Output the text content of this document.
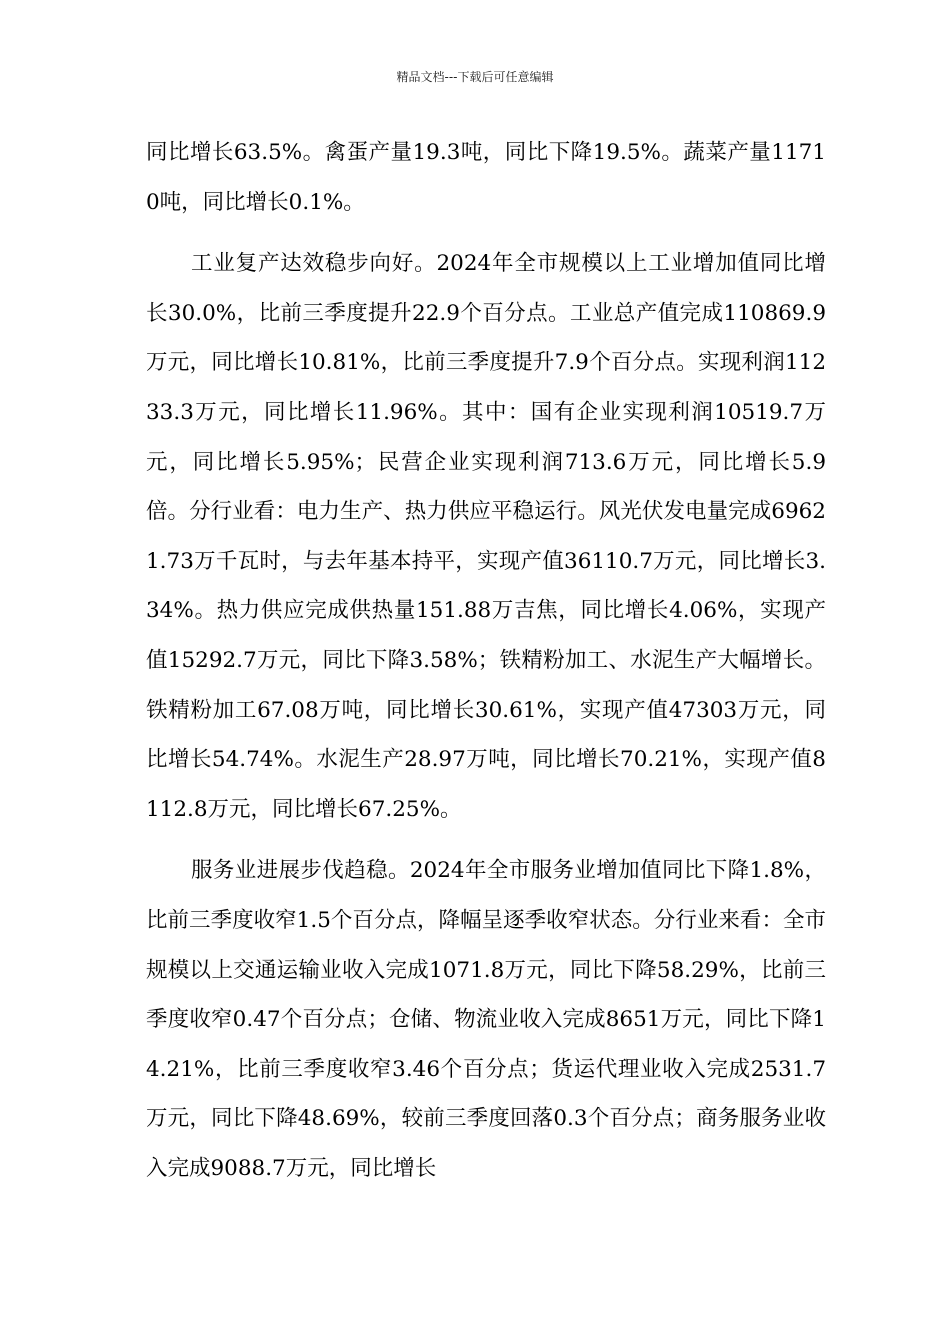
精品文档---下载后可任意编辑

同比增长63.5%。禽蛋产量19.3吨，同比下降19.5%。蔬菜产量11710吨，同比增长0.1%。

工业复产达效稳步向好。2024年全市规模以上工业增加值同比增长30.0%，比前三季度提升22.9个百分点。工业总产值完成110869.9万元，同比增长10.81%，比前三季度提升7.9个百分点。实现利润11233.3万元，同比增长11.96%。其中：国有企业实现利润10519.7万元，同比增长5.95%；民营企业实现利润713.6万元，同比增长5.9倍。分行业看：电力生产、热力供应平稳运行。风光伏发电量完成69621.73万千瓦时，与去年基本持平，实现产值36110.7万元，同比增长3.34%。热力供应完成供热量151.88万吉焦，同比增长4.06%，实现产值15292.7万元，同比下降3.58%；铁精粉加工、水泥生产大幅增长。铁精粉加工67.08万吨，同比增长30.61%，实现产值47303万元，同比增长54.74%。水泥生产28.97万吨，同比增长70.21%，实现产值8112.8万元，同比增长67.25%。

服务业进展步伐趋稳。2024年全市服务业增加值同比下降1.8%，比前三季度收窄1.5个百分点，降幅呈逐季收窄状态。分行业来看：全市规模以上交通运输业收入完成1071.8万元，同比下降58.29%，比前三季度收窄0.47个百分点；仓储、物流业收入完成8651万元，同比下降14.21%，比前三季度收窄3.46个百分点；货运代理业收入完成2531.7万元，同比下降48.69%，较前三季度回落0.3个百分点；商务服务业收入完成9088.7万元，同比增长
